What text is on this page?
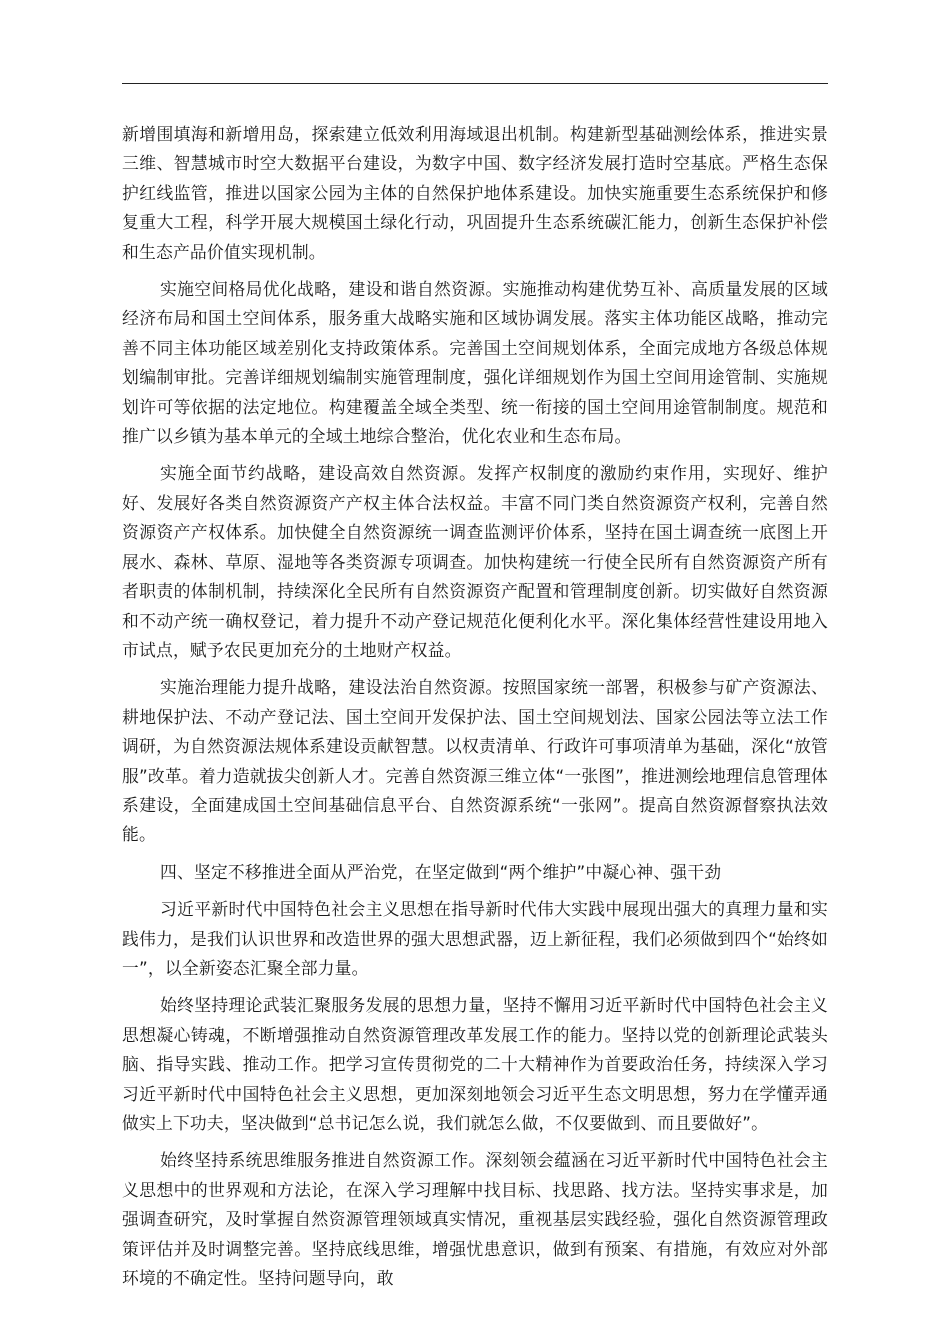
新增围填海和新增用岛，探索建立低效利用海域退出机制。构建新型基础测绘体系，推进实景三维、智慧城市时空大数据平台建设，为数字中国、数字经济发展打造时空基底。严格生态保护红线监管，推进以国家公园为主体的自然保护地体系建设。加快实施重要生态系统保护和修复重大工程，科学开展大规模国土绿化行动，巩固提升生态系统碳汇能力，创新生态保护补偿和生态产品价值实现机制。

实施空间格局优化战略，建设和谐自然资源。实施推动构建优势互补、高质量发展的区域经济布局和国土空间体系，服务重大战略实施和区域协调发展。落实主体功能区战略，推动完善不同主体功能区域差别化支持政策体系。完善国土空间规划体系，全面完成地方各级总体规划编制审批。完善详细规划编制实施管理制度，强化详细规划作为国土空间用途管制、实施规划许可等依据的法定地位。构建覆盖全域全类型、统一衔接的国土空间用途管制制度。规范和推广以乡镇为基本单元的全域土地综合整治，优化农业和生态布局。

实施全面节约战略，建设高效自然资源。发挥产权制度的激励约束作用，实现好、维护好、发展好各类自然资源资产产权主体合法权益。丰富不同门类自然资源资产权利，完善自然资源资产产权体系。加快健全自然资源统一调查监测评价体系，坚持在国土调查统一底图上开展水、森林、草原、湿地等各类资源专项调查。加快构建统一行使全民所有自然资源资产所有者职责的体制机制，持续深化全民所有自然资源资产配置和管理制度创新。切实做好自然资源和不动产统一确权登记，着力提升不动产登记规范化便利化水平。深化集体经营性建设用地入市试点，赋予农民更加充分的土地财产权益。

实施治理能力提升战略，建设法治自然资源。按照国家统一部署，积极参与矿产资源法、耕地保护法、不动产登记法、国土空间开发保护法、国土空间规划法、国家公园法等立法工作调研，为自然资源法规体系建设贡献智慧。以权责清单、行政许可事项清单为基础，深化“放管服”改革。着力造就拔尖创新人才。完善自然资源三维立体“一张图”，推进测绘地理信息管理体系建设，全面建成国土空间基础信息平台、自然资源系统“一张网”。提高自然资源督察执法效能。

四、坚定不移推进全面从严治党，在坚定做到“两个维护”中凝心神、强干劲

习近平新时代中国特色社会主义思想在指导新时代伟大实践中展现出强大的真理力量和实践伟力，是我们认识世界和改造世界的强大思想武器，迈上新征程，我们必须做到四个“始终如一”，以全新姿态汇聚全部力量。

始终坚持理论武装汇聚服务发展的思想力量，坚持不懈用习近平新时代中国特色社会主义思想凝心铸魂，不断增强推动自然资源管理改革发展工作的能力。坚持以党的创新理论武装头脑、指导实践、推动工作。把学习宣传贯彻党的二十大精神作为首要政治任务，持续深入学习习近平新时代中国特色社会主义思想，更加深刻地领会习近平生态文明思想，努力在学懂弄通做实上下功夫，坚决做到“总书记怎么说，我们就怎么做，不仅要做到、而且要做好”。

始终坚持系统思维服务推进自然资源工作。深刻领会蕴涵在习近平新时代中国特色社会主义思想中的世界观和方法论，在深入学习理解中找目标、找思路、找方法。坚持实事求是，加强调查研究，及时掌握自然资源管理领域真实情况，重视基层实践经验，强化自然资源管理政策评估并及时调整完善。坚持底线思维，增强忧患意识，做到有预案、有措施，有效应对外部环境的不确定性。坚持问题导向，敢
